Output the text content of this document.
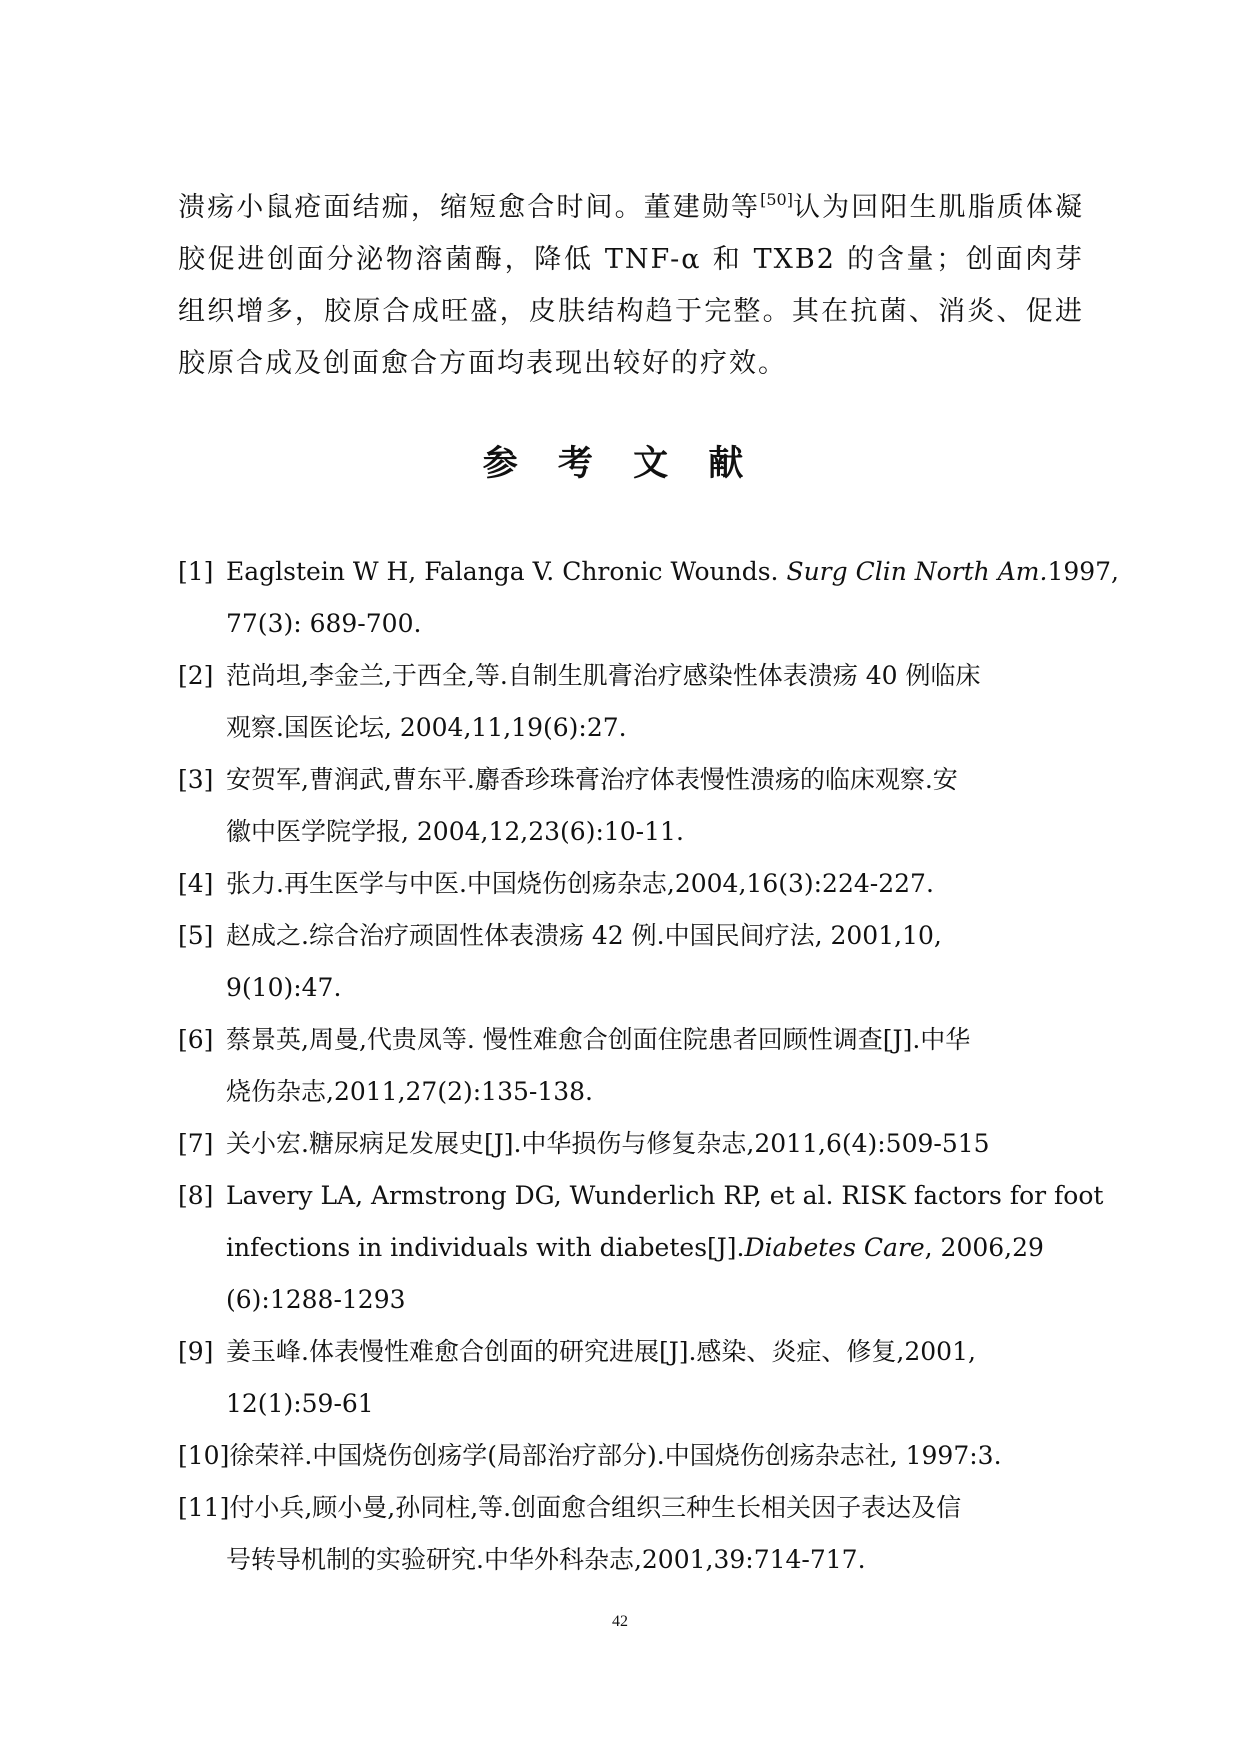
溃疡小鼠疮面结痂，缩短愈合时间。董建勋等[50]认为回阳生肌脂质体凝胶促进创面分泌物溶菌酶，降低 TNF-α 和 TXB2 的含量；创面肉芽组织增多，胶原合成旺盛，皮肤结构趋于完整。其在抗菌、消炎、促进胶原合成及创面愈合方面均表现出较好的疗效。

参 考 文 献
[1] Eaglstein W H, Falanga V. Chronic Wounds. Surg Clin North Am.1997,
77(3): 689-700.
[2] 范尚坦,李金兰,于西全,等.自制生肌膏治疗感染性体表溃疡 40 例临床
观察.国医论坛, 2004,11,19(6):27.
[3] 安贺军,曹润武,曹东平.麝香珍珠膏治疗体表慢性溃疡的临床观察.安
徽中医学院学报, 2004,12,23(6):10-11.
[4] 张力.再生医学与中医.中国烧伤创疡杂志,2004,16(3):224-227.
[5] 赵成之.综合治疗顽固性体表溃疡 42 例.中国民间疗法, 2001,10,
9(10):47.
[6] 蔡景英,周曼,代贵凤等. 慢性难愈合创面住院患者回顾性调查[J].中华
烧伤杂志,2011,27(2):135-138.
[7] 关小宏.糖尿病足发展史[J].中华损伤与修复杂志,2011,6(4):509-515
[8] Lavery LA, Armstrong DG, Wunderlich RP, et al. RISK factors for foot
infections in individuals with diabetes[J].Diabetes Care, 2006,29
(6):1288-1293
[9] 姜玉峰.体表慢性难愈合创面的研究进展[J].感染、炎症、修复,2001,
12(1):59-61
[10]徐荣祥.中国烧伤创疡学(局部治疗部分).中国烧伤创疡杂志社, 1997:3.
[11]付小兵,顾小曼,孙同柱,等.创面愈合组织三种生长相关因子表达及信
号转导机制的实验研究.中华外科杂志,2001,39:714-717.

42
